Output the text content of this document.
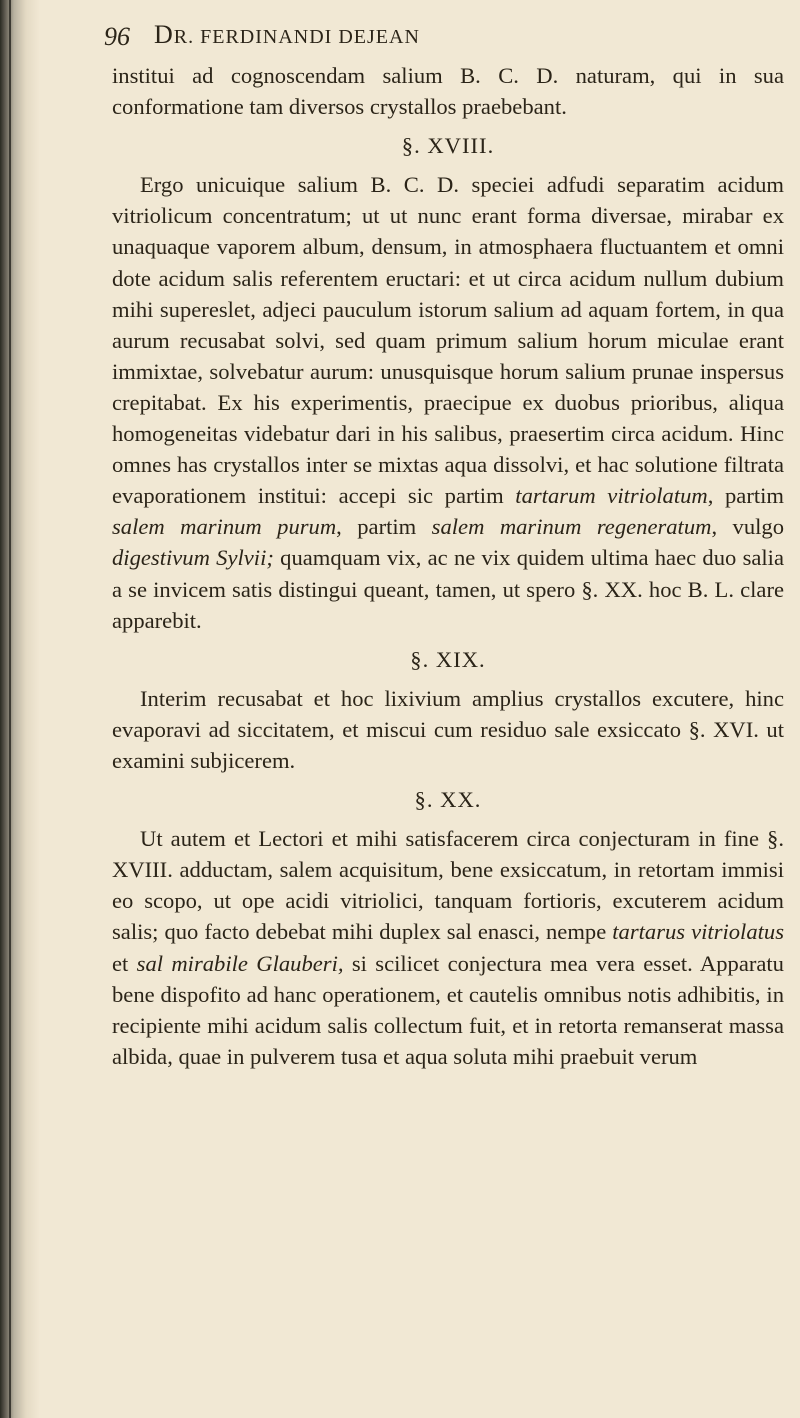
96 DR. FERDINANDI DEJEAN

institui ad cognoscendam salium B. C. D. naturam, qui in sua conformatione tam diversos crystallos praebebant.

§. XVIII.

Ergo unicuique salium B. C. D. speciei adfudi separatim acidum vitriolicum concentratum; ut ut nunc erant forma diversae, mirabar ex unaquaque vaporem album, densum, in atmosphaera fluctuantem et omni dote acidum salis referentem eructari: et ut circa acidum nullum dubium mihi supereslet, adjeci pauculum istorum salium ad aquam fortem, in qua aurum recusabat solvi, sed quam primum salium horum miculae erant immixtae, solvebatur aurum: unusquisque horum salium prunae inspersus crepitabat. Ex his experimentis, praecipue ex duobus prioribus, aliqua homogeneitas videbatur dari in his salibus, praesertim circa acidum. Hinc omnes has crystallos inter se mixtas aqua dissolvi, et hac solutione filtrata evaporationem institui: accepi sic partim tartarum vitriolatum, partim salem marinum purum, partim salem marinum regeneratum, vulgo digestivum Sylvii; quamquam vix, ac ne vix quidem ultima haec duo salia a se invicem satis distingui queant, tamen, ut spero §. XX. hoc B. L. clare apparebit.

§. XIX.

Interim recusabat et hoc lixivium amplius crystallos excutere, hinc evaporavi ad siccitatem, et miscui cum residuo sale exsiccato §. XVI. ut examini subjicerem.

§. XX.

Ut autem et Lectori et mihi satisfacerem circa conjecturam in fine §. XVIII. adductam, salem acquisitum, bene exsiccatum, in retortam immisi eo scopo, ut ope acidi vitriolici, tanquam fortioris, excuterem acidum salis; quo facto debebat mihi duplex sal enasci, nempe tartarus vitriolatus et sal mirabile Glauberi, si scilicet conjectura mea vera esset. Apparatu bene dispofito ad hanc operationem, et cautelis omnibus notis adhibitis, in recipiente mihi acidum salis collectum fuit, et in retorta remanserat massa albida, quae in pulverem tusa et aqua soluta mihi praebuit verum
